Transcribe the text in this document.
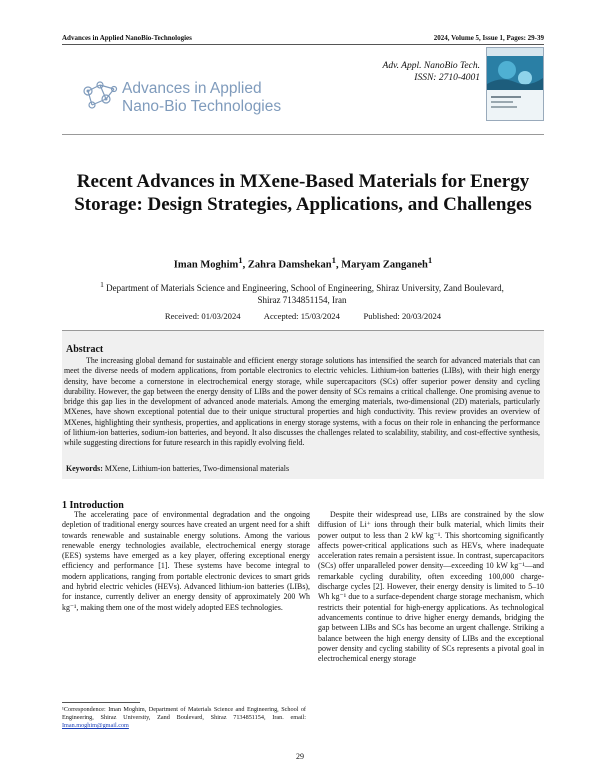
Advances in Applied NanoBio-Technologies	2024, Volume 5, Issue 1, Pages: 29-39
Advances in Applied
Nano-Bio Technologies
Adv. Appl. NanoBio Tech.
ISSN: 2710-4001
Recent Advances in MXene-Based Materials for Energy Storage: Design Strategies, Applications, and Challenges
Iman Moghim$^1$, Zahra Damshekan$^1$, Maryam Zanganeh$^1$
$^1$ Department of Materials Science and Engineering, School of Engineering, Shiraz University, Zand Boulevard, Shiraz 7134851154, Iran
Received: 01/03/2024	Accepted: 15/03/2024	Published: 20/03/2024
Abstract
The increasing global demand for sustainable and efficient energy storage solutions has intensified the search for advanced materials that can meet the diverse needs of modern applications, from portable electronics to electric vehicles. Lithium-ion batteries (LIBs), with their high energy density, have become a cornerstone in electrochemical energy storage, while supercapacitors (SCs) offer superior power density and cycling durability. However, the gap between the energy density of LIBs and the power density of SCs remains a critical challenge. One promising avenue to bridge this gap lies in the development of advanced anode materials. Among the emerging materials, two-dimensional (2D) materials, particularly MXenes, have shown exceptional potential due to their unique structural properties and high conductivity. This review provides an overview of MXenes, highlighting their synthesis, properties, and applications in energy storage systems, with a focus on their role in enhancing the performance of lithium-ion batteries, sodium-ion batteries, and beyond. It also discusses the challenges related to scalability, stability, and cost-effective synthesis, while suggesting directions for future research in this rapidly evolving field.
Keywords: MXene, Lithium-ion batteries, Two-dimensional materials
1 Introduction
The accelerating pace of environmental degradation and the ongoing depletion of traditional energy sources have created an urgent need for a shift towards renewable and sustainable energy solutions. Among the various renewable energy technologies available, electrochemical energy storage (EES) systems have emerged as a key player, offering exceptional energy efficiency and performance [1]. These systems have become integral to modern applications, ranging from portable electronic devices to smart grids and hybrid electric vehicles (HEVs). Advanced lithium-ion batteries (LIBs), for instance, currently deliver an energy density of approximately 200 Wh kg⁻¹, making them one of the most widely adopted EES technologies.
Despite their widespread use, LIBs are constrained by the slow diffusion of Li⁺ ions through their bulk material, which limits their power output to less than 2 kW kg⁻¹. This shortcoming significantly affects power-critical applications such as HEVs, where inadequate acceleration rates remain a persistent issue. In contrast, supercapacitors (SCs) offer unparalleled power density—exceeding 10 kW kg⁻¹—and remarkable cycling durability, often exceeding 100,000 charge-discharge cycles [2]. However, their energy density is limited to 5–10 Wh kg⁻¹ due to a surface-dependent charge storage mechanism, which restricts their potential for high-energy applications. As technological advancements continue to drive higher energy demands, bridging the gap between LIBs and SCs has become an urgent challenge. Striking a balance between the high energy density of LIBs and the exceptional power density and cycling stability of SCs represents a pivotal goal in electrochemical energy storage
¹Correspondence: Iman Moghim, Department of Materials Science and Engineering, School of Engineering, Shiraz University, Zand Boulevard, Shiraz 7134851154, Iran. email: Iman.moghim@gmail.com
29
